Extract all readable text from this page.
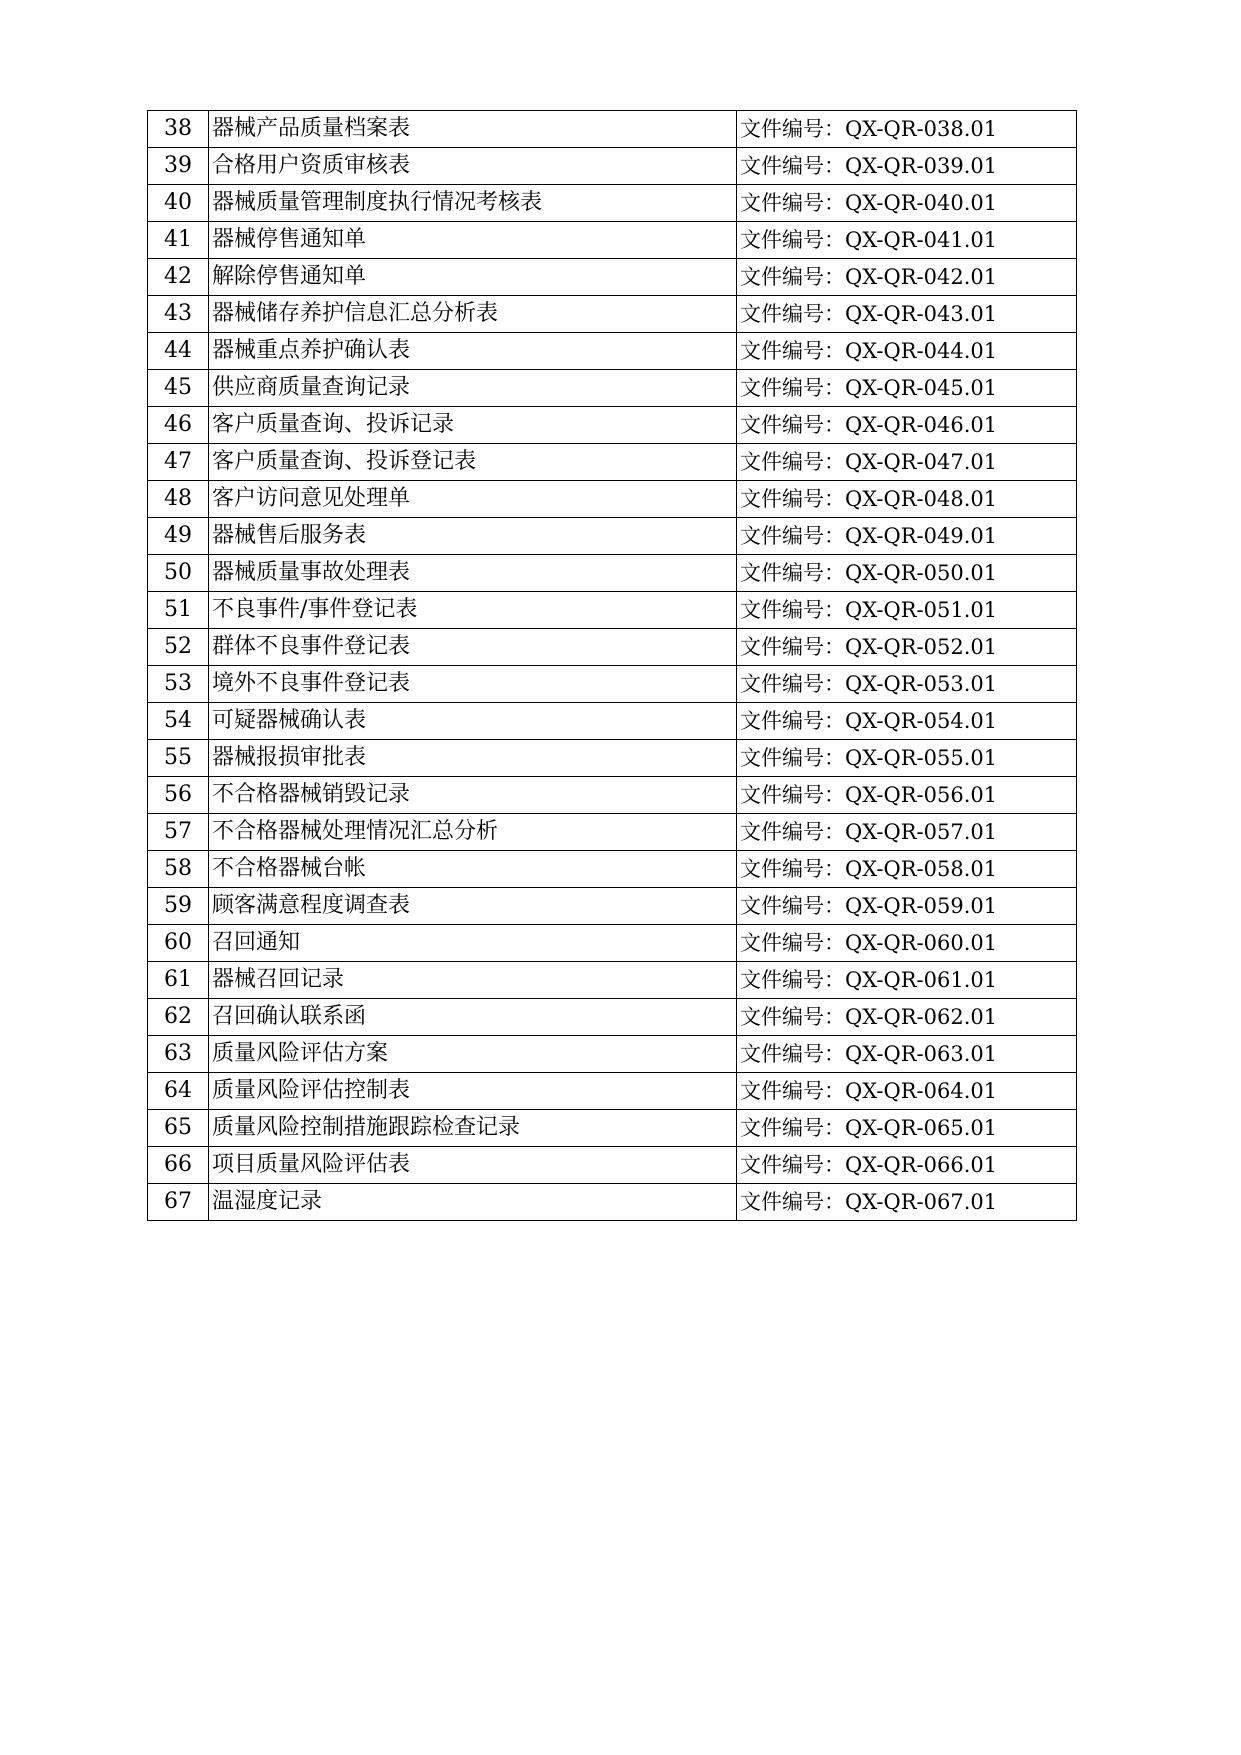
38	器械产品质量档案表	文件编号：QX-QR-038.01
39	合格用户资质审核表	文件编号：QX-QR-039.01
40	器械质量管理制度执行情况考核表	文件编号：QX-QR-040.01
41	器械停售通知单	文件编号：QX-QR-041.01
42	解除停售通知单	文件编号：QX-QR-042.01
43	器械储存养护信息汇总分析表	文件编号：QX-QR-043.01
44	器械重点养护确认表	文件编号：QX-QR-044.01
45	供应商质量查询记录	文件编号：QX-QR-045.01
46	客户质量查询、投诉记录	文件编号：QX-QR-046.01
47	客户质量查询、投诉登记表	文件编号：QX-QR-047.01
48	客户访问意见处理单	文件编号：QX-QR-048.01
49	器械售后服务表	文件编号：QX-QR-049.01
50	器械质量事故处理表	文件编号：QX-QR-050.01
51	不良事件/事件登记表	文件编号：QX-QR-051.01
52	群体不良事件登记表	文件编号：QX-QR-052.01
53	境外不良事件登记表	文件编号：QX-QR-053.01
54	可疑器械确认表	文件编号：QX-QR-054.01
55	器械报损审批表	文件编号：QX-QR-055.01
56	不合格器械销毁记录	文件编号：QX-QR-056.01
57	不合格器械处理情况汇总分析	文件编号：QX-QR-057.01
58	不合格器械台帐	文件编号：QX-QR-058.01
59	顾客满意程度调查表	文件编号：QX-QR-059.01
60	召回通知	文件编号：QX-QR-060.01
61	器械召回记录	文件编号：QX-QR-061.01
62	召回确认联系函	文件编号：QX-QR-062.01
63	质量风险评估方案	文件编号：QX-QR-063.01
64	质量风险评估控制表	文件编号：QX-QR-064.01
65	质量风险控制措施跟踪检查记录	文件编号：QX-QR-065.01
66	项目质量风险评估表	文件编号：QX-QR-066.01
67	温湿度记录	文件编号：QX-QR-067.01
